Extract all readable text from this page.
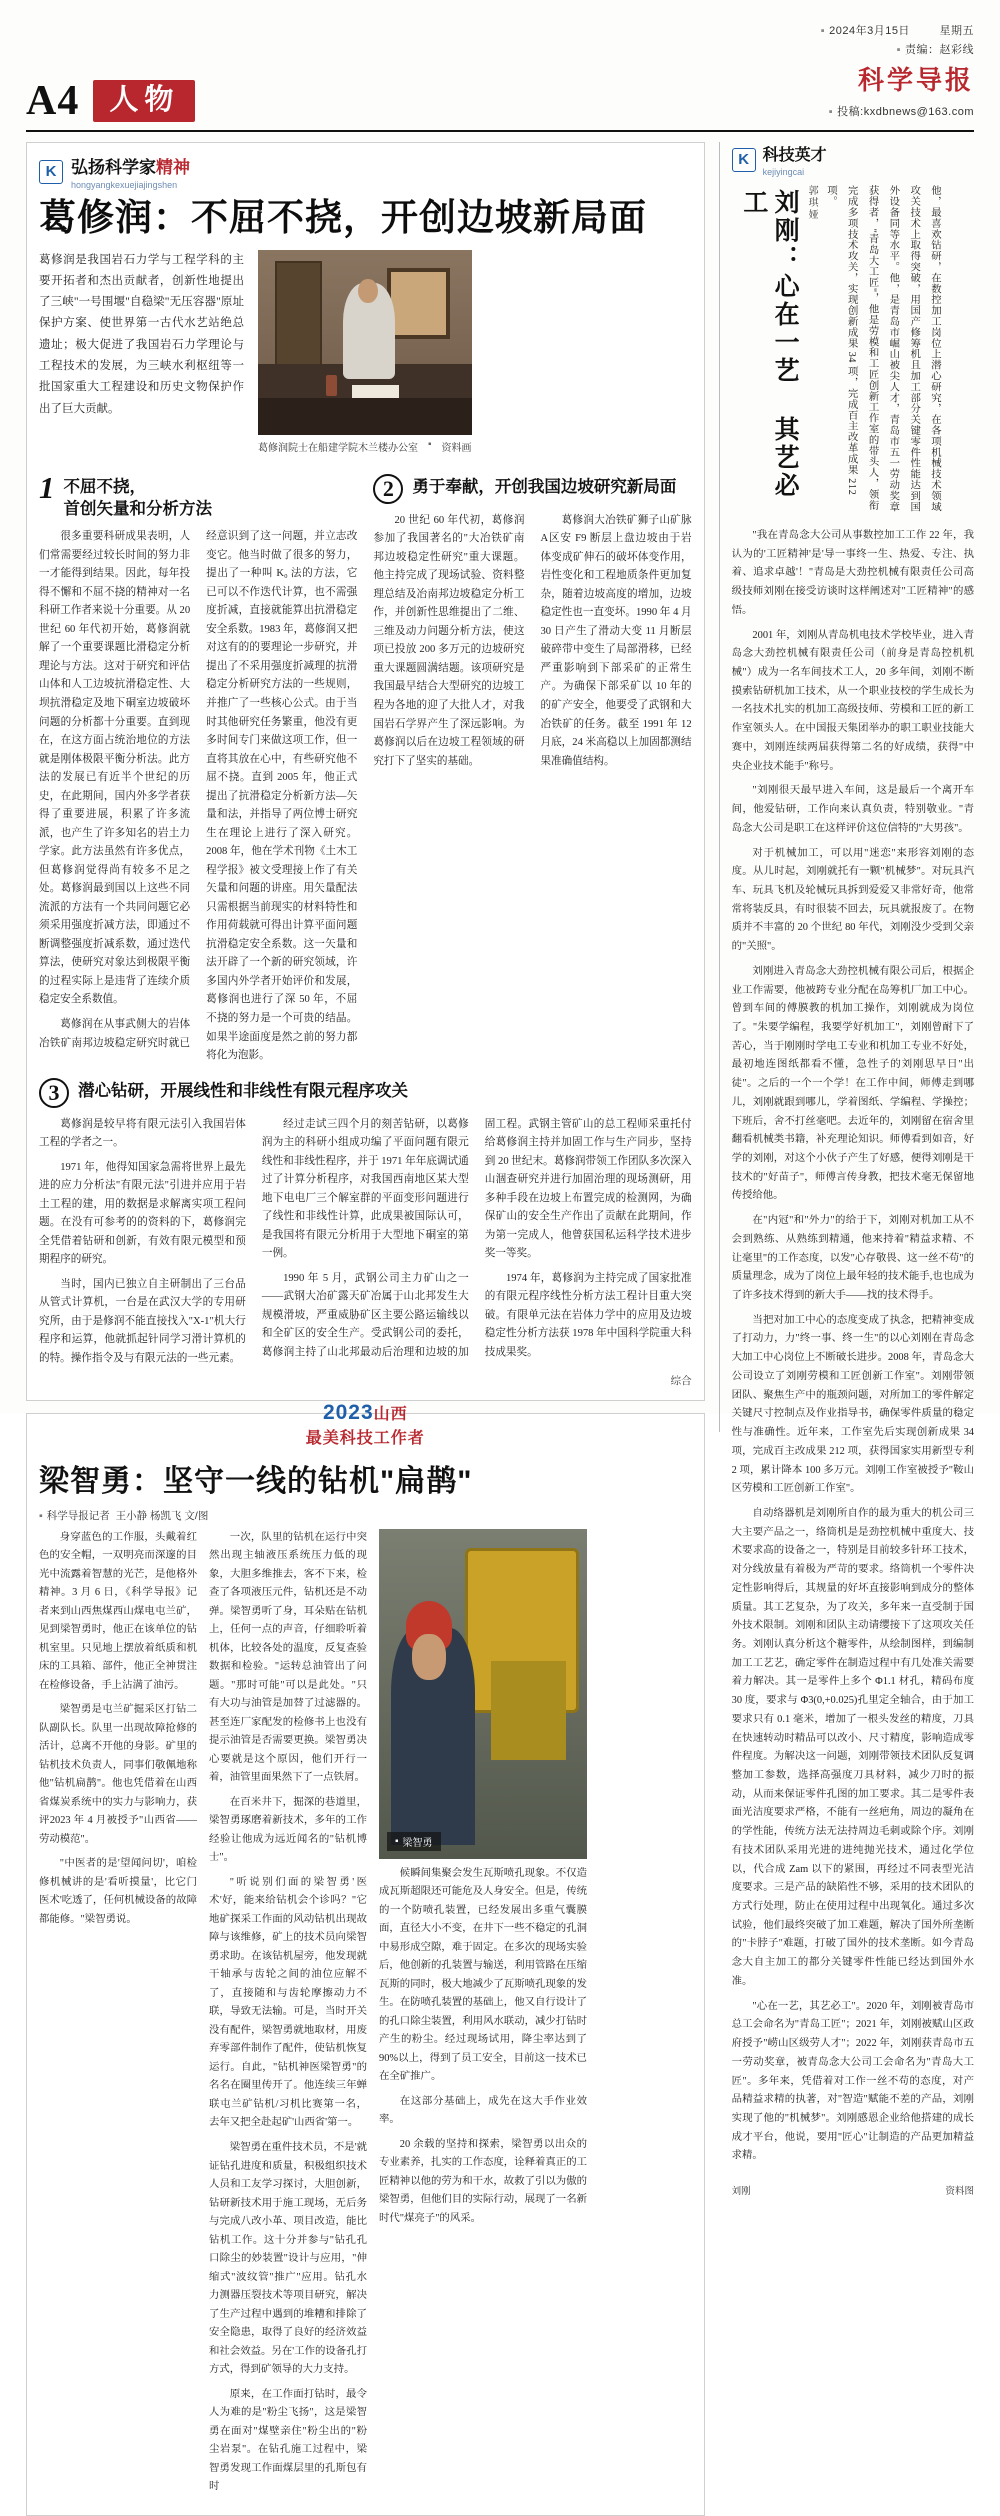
A4	人物
▪ 2024年3月15日	星期五
▪ 责编：赵彩线
科学导报
▪ 投稿:kxdbnews@163.com
K 弘扬科学家精神
hongyangkexuejiajingshen
葛修润：不屈不挠，开创边坡新局面
葛修润是我国岩石力学与工程学科的主要开拓者和杰出贡献者，创新性地提出了三峡"一号围堰"自稳梁"无压容器"原址保护方案、使世界第一古代水艺站绝总遗址；极大促进了我国岩石力学理论与工程技术的发展，为三峡水利枢纽等一批国家重大工程建设和历史文物保护作出了巨大贡献。
葛修润院士在船建学院木兰楼办公室 ▪ 资料画
1 不屈不挠，
首创矢量和分析方法

很多重要科研成果表明，人们常需要经过较长时间的努力非一才能得到结果。因此，每年投得不懈和不屈不挠的精神对一名科研工作者来说十分重要。从 20 世纪 60 年代初开始，葛修润就解了一个重要课题比滑稳定分析理论与方法。这对于研究和评估山体和人工边坡抗滑稳定性、大坝抗滑稳定及地下硐室边坡破坏问题的分析都十分重要。直到现在，在这方面占统治地位的方法就是刚体极限平衡分析法。此方法的发展已有近半个世纪的历史，在此期间，国内外多学者获得了重要进展，积累了许多流派，也产生了许多知名的岩土力学家。此方法虽然有许多优点，但葛修润觉得尚有较多不足之处。葛修润最到国以上这些不同流派的方法有一个共同问题它必须采用强度折减方法，即通过不断调整强度折减系数，通过迭代算法，使研究对象达到极限平衡的过程实际上是违背了连续介质稳定安全系数值。

葛修润在从事武侧大的岩体冶铁矿南邦边坡稳定研究时就已经意识到了这一问题，并立志改变它。他当时做了很多的努力，提出了一种叫 K₀ 法的方法，它已可以不作迭代计算，也不需强度折减，直接就能算出抗滑稳定安全系数。1983 年，葛修润又把对这有的的要理论一步研究，并提出了不采用强度折减理的抗滑稳定分析研究方法的一些规则，并推广了一些核心公式。由于当时其他研究任务繁重，他没有更多时间专门来做这项工作，但一直将其放在心中，有些研究他不屈不挠。直到 2005 年，他正式提出了抗滑稳定分析新方法—矢量和法，并指导了两位博士研究生在理论上进行了深入研究。2008 年，他在学术刊物《土木工程学报》被文受理接上作了有关矢量和问题的讲座。用矢量配法只需根据当前现实的材料特性和作用荷载就可得出计算平面问题抗滑稳定安全系数。这一矢量和法开辟了一个新的研究领域，许多国内外学者开始评价和发展，葛修润也进行了深 50 年，不屈不挠的努力是一个可贵的结晶。如果半途面度是然之前的努力都将化为泡影。

2	勇于奉献，开创我国边坡研究新局面

20 世纪 60 年代初，葛修润参加了我国著名的"大冶铁矿南邦边坡稳定性研究"重大课题。他主持完成了现场试验、资料整理总结及冶南邦边坡稳定分析工作，并创新性思维提出了二维、三维及动力问题分析方法，使这项已投放 200 多万元的边坡研究重大课题圆满结题。该项研究是我国最早结合大型研究的边坡工程为各地的迎了大批人才，对我国岩石学界产生了深远影响。为葛修润以后在边坡工程领域的研究打下了坚实的基础。

葛修润大冶铁矿狮子山矿脉A区安 F9 断层上盘边坡由于岩体变成矿伸石的破坏体变作用，岩性变化和工程地质条件更加复杂，随着边坡高度的增加，边坡稳定性也一直变坏。1990 年 4 月 30 日产生了滑动大变 11 月断层破碎带中变生了局部滑移，已经严重影响到下部采矿的正常生产。为确保下部采矿以 10 年的的矿产安全，他要受了武钢和大冶铁矿的任务。截至 1991 年 12 月底，24 米高稳以上加固都测结果准确值结构。

3	潜心钻研，开展线性和非线性有限元程序攻关

葛修润是较早将有限元法引入我国岩体工程的学者之一。

1971 年，他得知国家急需将世界上最先进的应力分析法"有限元法"引进并应用于岩土工程的建，用的数据是求解离实项工程问题。在没有可参考的的资料的下，葛修润完全凭借着钻研和创新，有效有限元模型和预期程序的研究。

当时，国内已独立自主研制出了三台品从管式计算机，一台是在武汉大学的专用研究所，由于是修润不能直接找入"X-1"机大行程序和运算，他就抓起针同学习滑计算机的的特。操作指令及与有限元法的一些元素。

经过走试三四个月的刻苦钻研，以葛修润为主的科研小组成功编了平面问题有限元线性和非线性程序，并于 1971 年年底调试通过了计算分析程序，对我国西南地区某大型地下电电厂三个解室群的平面变形问题进行了线性和非线性计算，此成果被国际认可，是我国将有限元分析用于大型地下硐室的第一例。

1990 年 5 月，武钢公司主力矿山之一——武钢大冶矿露天矿冶属于山北邦发生大规模滑坡，严重威胁矿区主要公路运输线以和全矿区的安全生产。受武钢公司的委托，葛修润主持了山北邦最动后治理和边坡的加固工程。武钢主管矿山的总工程师采重托付给葛修润主持并加固工作与生产同步，坚持到 20 世纪末。葛修润带领工作团队多次深入山涸查研究并进行加固治理的现场测研，用多种手段在边坡上布置完成的检测网，为确保矿山的安全生产作出了贡献在此期间，作为第一完成人，他曾获国私运科学技术进步奖一等奖。

1974 年，葛修润为主持完成了国家批准的有限元程序线性分析方法工程计目重大突破。有限单元法在岩体力学中的应用及边坡稳定性分析方法获 1978 年中国科学院重大科技成果奖。

综合
2023山西
最美科技工作者
梁智勇：坚守一线的钻机"扁鹊"
▪ 科学导报记者 王小静 杨凯飞 文/图

身穿蓝色的工作服，头戴着红色的安全帽，一双明亮而深邃的目光中流露着智慧的光芒，是他格外精神。3 月 6 日，《科学导报》记者来到山西焦煤西山煤电屯兰矿，见到梁智勇时，他正在该单位的钻机室里。只见地上摆放着纸质和机床的工具箱、部件，他正全神贯注在检修设备，手上沾满了油污。

梁智勇是屯兰矿掘采区打钻二队副队长。队里一出现故障抢修的活计，总离不开他的身影。矿里的钻机技术负责人，同事们敬佩地称他"钻机扁鹊"。他也凭借着在山西省煤炭系统中的实力与影响力，获评2023 年 4 月被授予"山西省——劳动模范"。

"中医者的是'望闻问切'，咱检修机械讲的是'看听摸量'，比它门医术'吃透了，任何机械设备的故障都能修。"梁智勇说。

一次，队里的钻机在运行中突然出现主轴液压系统压力低的现象，大胆多维推去，客不下来，检查了各项液压元件，钻机还是不动弹。梁智勇听了身，耳朵贴在钻机上，任何一点的声音，仔细聆听着机体，比较各处的温度，反复查验数据和检验。"运转总油管出了问题。"那时可能"可以是此处。"只有大功与油管是加替了过滤器的。甚至连厂家配发的检修书上也没有提示油管是否需要更换。梁智勇决心要就是这个原因，他们开行一着，油管里面果然下了一点铁屑。

在百米井下，掘深的巷道里，梁智勇琢磨着新技术，多年的工作经验让他成为远近闻名的"钻机博士"。

"听说别们面的梁智勇'医术'好，能来给钻机会个诊吗？"它地矿探采工作面的风动钻机出现故障与该维修，矿上的技术员向梁智勇求助。在该钻机屋旁，他发现就干轴承与齿轮之间的油位应解不了，直接随和与齿轮摩擦动力不联，导致无法输。可是，当时开关没有配件，梁智勇就地取材，用废弃零部件制作了配件，使钻机恢复运行。自此，"钻机神医梁智勇"的名名在圈里传开了。他连续三年蝉联屯兰矿钻机/习机比赛第一名，去年又把全赴起矿'山西省'第一。

梁智勇在重件技术员，不是'就证钻孔进度和质量，积极组织技术人员和工友学习探讨，大胆创新，钻研新技术用于施工现场，无后务与完成八改小革、项目改造，能比钻机工作。这十分并参与"钻孔孔口除尘的妙装置"设计与应用，"伸缩式"波纹管"推广"应用。钻孔水力测器压裂技术等项目研究，解决了生产过程中遇到的堆糟和排除了安全隐患，取得了良好的经济效益和社会效益。另在'工作的设备孔打方式，得到矿领导的大力支持。

原来，在工作面打钻时，最令人为难的是"粉尘飞扬"，这是梁智勇在面对"煤壁亲住"粉尘出的"粉尘岩泵"。在钻孔施工过程中，梁智勇发现工作面煤层里的孔斯包有时

▪ 梁智勇

候瞬间集聚会发生瓦斯喷孔现象。不仅造成瓦斯超限还可能危及人身安全。但是，传统的一个防喷孔装置，已经发展出多重气囊膜面，直径大小不变，在井下一些不稳定的孔洞中易形成空隙，难于固定。在多次的现场实验后，他创新的孔装置与输送，利用管路在压缩瓦斯的同时，极大地减少了瓦斯喷孔现象的发生。在防喷孔装置的基础上，他又自行设计了的孔口除尘装置，利用风水联动，减少打钻时产生的粉尘。经过现场试用，降尘率达到了 90%以上，得到了员工安全，目前这一技术已在全矿推广。

在这部分基础上，成先在这大手作业效率。

20 余载的坚持和探索，梁智勇以出众的专业素养，扎实的工作态度，诠释着真正的工匠精神以他的劳为和干水，故救了引以为傲的梁智勇，但他们目的实际行动，展现了一名新时代"煤亮子"的风采。

K 科技英才
kejiyingcai
刘刚：心在一艺 其艺必工	郭琪娅	他，最喜欢钻研，在数控加工岗位上潜心研究，在各项机械技术领域攻关技术上取得突破，用国产修筹机且加工部分关键零件性能达到国外设备同等水平。他，是青岛市崛山被尖人才，青岛市五一劳动奖章获得者，"青岛大工匠"，他是劳模和工匠创新工作室的带头人，领衔完成多项技术攻关，实现创新成果 34 项，完成百主改革成果 212 项。

"我在青岛念大公司从事数控加工工作 22 年，我认为的'工匠精神'是'导一事终一生、热爱、专注、执着、追求卓越'！"青岛是大劲控机械有限责任公司高级技师刘刚在接受访谈时这样阐述对"工匠精神"的感悟。

2001 年，刘刚从青岛机电技术学校毕业，进入青岛念大劲控机械有限责任公司（前身是青岛控机机械"）成为一名车间技术工人，20 多年间，刘刚不断摸索钻研机加工技术，从一个职业技校的学生成长为一名技术扎实的机加工高级技师、劳模和工匠的新工作室领头人。在中国报天集团举办的职工职业技能大赛中，刘刚连续两届获得第二名的好成绩，获得"中央企业技术能手"称号。

"刘刚很天最早进入车间，这是最后一个离开车间，他爱钻研，工作向来认真负责，特别敬业。"青岛念大公司是职工在这样评价这位信特的"大男孩"。

对于机械加工，可以用"迷恋"来形容刘刚的态度。从儿时起，刘刚就托有一颗"机械梦"。对玩具汽车、玩具飞机及轮械玩具拆到爱爱又非常好奇，他常常将装反具，有时很装不回去，玩具就报废了。在物质并不丰富的 20 个世纪 80 年代，刘刚没少受到父亲的"关照"。

刘刚进入青岛念大劲控机械有限公司后，根据企业工作需要，他被跨专业分配在岛筹机厂加工中心。曾到车间的傅膜教的机加工操作，刘刚就成为岗位了。"朱要学编程，我要学好机加工"，刘刚曾耐下了苦心，当于刚刚时学电工专业和机加工专业不好处，最初地连图纸都看不懂，急性子的刘刚思早日"出徒"。之后的一个一个学！在工作中间，师傅走到哪儿，刘刚就跟到哪儿，学着图纸、学编程、学操控；下班后，舍不打丝毫吧。去近年的，刘刚留在宿舍里翻看机械类书籍，补充理论知识。师傅看到如音，好学的刘刚，对这个小伙子产生了好感，便得刘刚是干技术的"好苗子"，师傅言传身教，把技术毫无保留地传授给他。

在"内冠"和"外力"的给于下，刘刚对机加工从不会到熟练、从熟练到精通，他来持着"精益求精、不让毫里"的工作态度，以发"心存敬畏、这一丝不苟"的质量理念，成为了岗位上最年轻的技术能手,也也成为了许多技术得到的新大手——找的技术得手。

当把对加工中心的态度变成了执念，把精神变成了打动力，力"终一事、终一生"的以心刘刚在青岛念大加工中心岗位上不断破长进步。2008 年，青岛念大公司设立了刘刚劳模和工匠创新工作室"。刘刚带领团队、聚焦生产中的瓶颈问题，对所加工的零件解定关键尺寸控制点及作业指导书，确保零件质量的稳定性与准确性。近年来，工作室先后实现创新成果 34 项，完成百主改成果 212 项，获得国家实用新型专利 2 项，累计降本 100 多万元。刘刚工作室被授予"鞍山区劳模和工匠创新工作室"。

自动络器机是刘刚所自作的最为重大的机公司三大主要产品之一，络筒机是是劲控机械中重度大、技术要求高的设备之一，特别是目前较多针环工技术，对分线放量有着极为严苛的要求。络筒机一个零件决定性影响得后，其规量的好坏直接影响到成分的整体质量。其工艺复杂，为了攻关，多年来一直受制于国外技术限制。刘刚和团队主动请缨接下了这项攻关任务。刘刚认真分析这个糖零件，从绘制图样，到编制加工工艺艺，确定零件在制造过程中有几处准关需要着力解决。其一是零件上多个 Φ1.1 材孔，精码布度 30 度，要求与 Φ3(0,+0.025)孔里定全轴合，由于加工要求只有 0.1 毫米，增加了一根头发丝的精度，刀具在快速转动时精品可以改小、尺寸精度，影响造成零件程度。为解决这一问题，刘刚带领技术团队反复调整加工参数，选择高强度刀具材料，减少刀时的振动，从而来保证零件孔图的加工要求。其二是零件表面光洁度要求严格，不能有一丝疤角，周边的凝角在的学性能，传统方法无法持周边毛刺或除个序。刘刚有技术团队采用光进的进纯抛光技术，通过化学位以，代合成 Zam 以下的紧围，再经过不同表型光洁度要求。三是产品的缺陷性不够，采用的技术团队的方式行处理，防止在使用过程中出现氧化。通过多次试验，他们最终突破了加工难题，解决了国外所垄断的"卡脖子"难题，打破了国外的技术垄断。如今青岛念大自主加工的都分关键零件性能已经达到国外水准。

"心在一艺，其艺必工"。2020 年，刘刚被青岛市总工会命名为"青岛工匠"；2021 年，刘刚被赋山区政府授予"崂山区级劳人才"；2022 年，刘刚获青岛市五一劳动奖章，被青岛念大公司工会命名为"青岛大工匠"。多年来，凭借着对工作一丝不苟的态度，对产品精益求精的执著，对"智造"赋能不差的产品，刘刚实现了他的"机械梦"。刘刚感恩企业给他搭建的成长成才平台，他说，要用"匠心"让制造的产品更加精益求精。

刘刚	资料图
